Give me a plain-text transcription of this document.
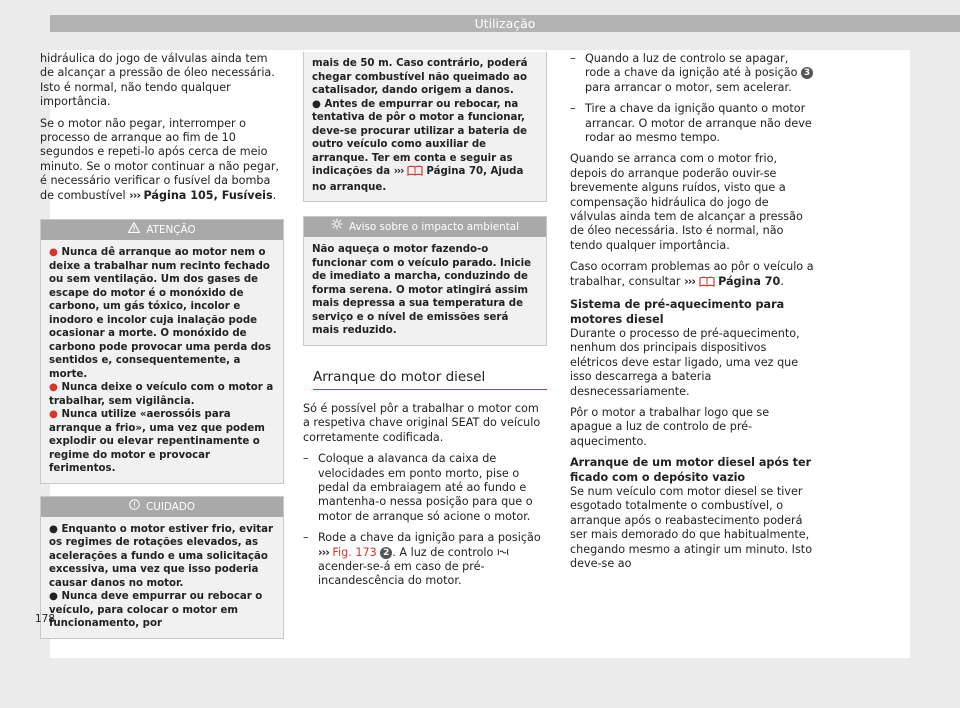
Utilização

hidráulica do jogo de válvulas ainda tem de alcançar a pressão de óleo necessária. Isto é normal, não tendo qualquer importância.

Se o motor não pegar, interromper o processo de arranque ao fim de 10 segundos e repeti-lo após cerca de meio minuto. Se o motor continuar a não pegar, é necessário verificar o fusível da bomba de combustível ››› Página 105, Fusíveis.

ATENÇÃO
● Nunca dê arranque ao motor nem o deixe a trabalhar num recinto fechado ou sem ventilação. Um dos gases de escape do motor é o monóxido de carbono, um gás tóxico, incolor e inodoro e incolor cuja inalação pode ocasionar a morte. O monóxido de carbono pode provocar uma perda dos sentidos e, consequentemente, a morte.
● Nunca deixe o veículo com o motor a trabalhar, sem vigilância.
● Nunca utilize «aerossóis para arranque a frio», uma vez que podem explodir ou elevar repentinamente o regime do motor e provocar ferimentos.
CUIDADO
● Enquanto o motor estiver frio, evitar os regimes de rotações elevados, as acelerações a fundo e uma solicitação excessiva, uma vez que isso poderia causar danos no motor.
● Nunca deve empurrar ou rebocar o veículo, para colocar o motor em funcionamento, por
mais de 50 m. Caso contrário, poderá chegar combustível não queimado ao catalisador, dando origem a danos.
● Antes de empurrar ou rebocar, na tentativa de pôr o motor a funcionar, deve-se procurar utilizar a bateria de outro veículo como auxiliar de arranque. Ter em conta e seguir as indicações da ››› Página 70, Ajuda no arranque.
Aviso sobre o impacto ambiental
Não aqueça o motor fazendo-o funcionar com o veículo parado. Inicie de imediato a marcha, conduzindo de forma serena. O motor atingirá assim mais depressa a sua temperatura de serviço e o nível de emissões será mais reduzido.
Arranque do motor diesel

Só é possível pôr a trabalhar o motor com a respetiva chave original SEAT do veículo corretamente codificada.

– Coloque a alavanca da caixa de velocidades em ponto morto, pise o pedal da embraiagem até ao fundo e mantenha-o nessa posição para que o motor de arranque só acione o motor.
– Rode a chave da ignição para a posição ››› Fig. 173 2 . A luz de controlo  acender-se-á em caso de pré-incandescência do motor.
– Quando a luz de controlo se apagar, rode a chave da ignição até à posição 3 para arrancar o motor, sem acelerar.
– Tire a chave da ignição quanto o motor arrancar. O motor de arranque não deve rodar ao mesmo tempo.

Quando se arranca com o motor frio, depois do arranque poderão ouvir-se brevemente alguns ruídos, visto que a compensação hidráulica do jogo de válvulas ainda tem de alcançar a pressão de óleo necessária. Isto é normal, não tendo qualquer importância.

Caso ocorram problemas ao pôr o veículo a trabalhar, consultar ››› Página 70.

Sistema de pré-aquecimento para motores diesel

Durante o processo de pré-aquecimento, nenhum dos principais dispositivos elétricos deve estar ligado, uma vez que isso descarrega a bateria desnecessariamente.

Pôr o motor a trabalhar logo que se apague a luz de controlo de pré-aquecimento.

Arranque de um motor diesel após ter ficado com o depósito vazio

Se num veículo com motor diesel se tiver esgotado totalmente o combustível, o arranque após o reabastecimento poderá ser mais demorado do que habitualmente, chegando mesmo a atingir um minuto. Isto deve-se ao

178
